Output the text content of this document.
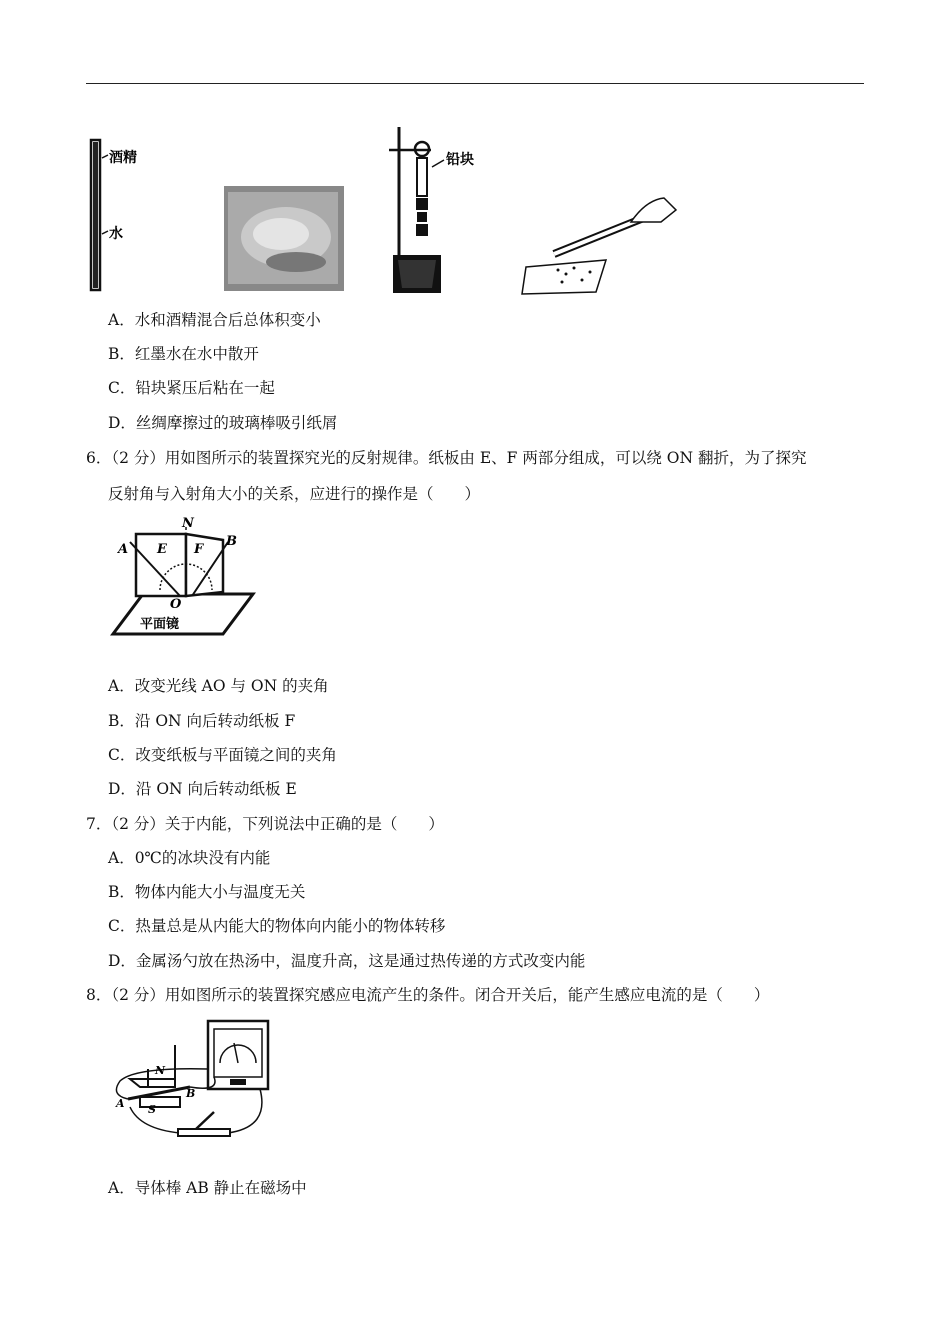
酒精
水
铅块
A．水和酒精混合后总体积变小
B．红墨水在水中散开
C．铅块紧压后粘在一起
D．丝绸摩擦过的玻璃棒吸引纸屑
6．（2 分）用如图所示的装置探究光的反射规律。纸板由 E、F 两部分组成，可以绕 ON 翻折，为了探究
反射角与入射角大小的关系，应进行的操作是（　　）
A
N
B
E F
O
平面镜
A．改变光线 AO 与 ON 的夹角
B．沿 ON 向后转动纸板 F
C．改变纸板与平面镜之间的夹角
D．沿 ON 向后转动纸板 E
7．（2 分）关于内能，下列说法中正确的是（　　）
A．0℃的冰块没有内能
B．物体内能大小与温度无关
C．热量总是从内能大的物体向内能小的物体转移
D．金属汤勺放在热汤中，温度升高，这是通过热传递的方式改变内能
8．（2 分）用如图所示的装置探究感应电流产生的条件。闭合开关后，能产生感应电流的是（　　）
N
S
A
B
A．导体棒 AB 静止在磁场中
